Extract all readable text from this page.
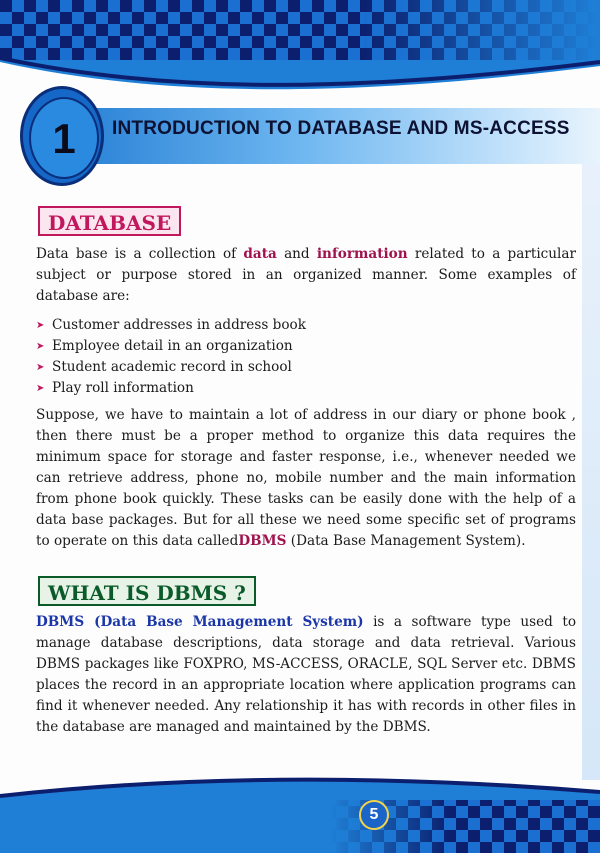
INTRODUCTION TO DATABASE AND MS-ACCESS
1
DATABASE
Data base is a collection of data and information related to a particular subject or purpose stored in an organized manner. Some examples of database are:
➤ Customer addresses in address book
➤ Employee detail in an organization
➤ Student academic record in school
➤ Play roll information
Suppose, we have to maintain a lot of address in our diary or phone book , then there must be a proper method to organize this data requires the minimum space for storage and faster response, i.e., whenever needed we can retrieve address, phone no, mobile number and the main information from phone book quickly. These tasks can be easily done with the help of a data base packages. But for all these we need some specific set of programs to operate on this data calledDBMS (Data Base Management System).
WHAT IS DBMS ?
DBMS (Data Base Management System) is a software type used to manage database descriptions, data storage and data retrieval. Various DBMS packages like FOXPRO, MS-ACCESS, ORACLE, SQL Server etc. DBMS places the record in an appropriate location where application programs can find it whenever needed. Any relationship it has with records in other files in the database are managed and maintained by the DBMS.
5
